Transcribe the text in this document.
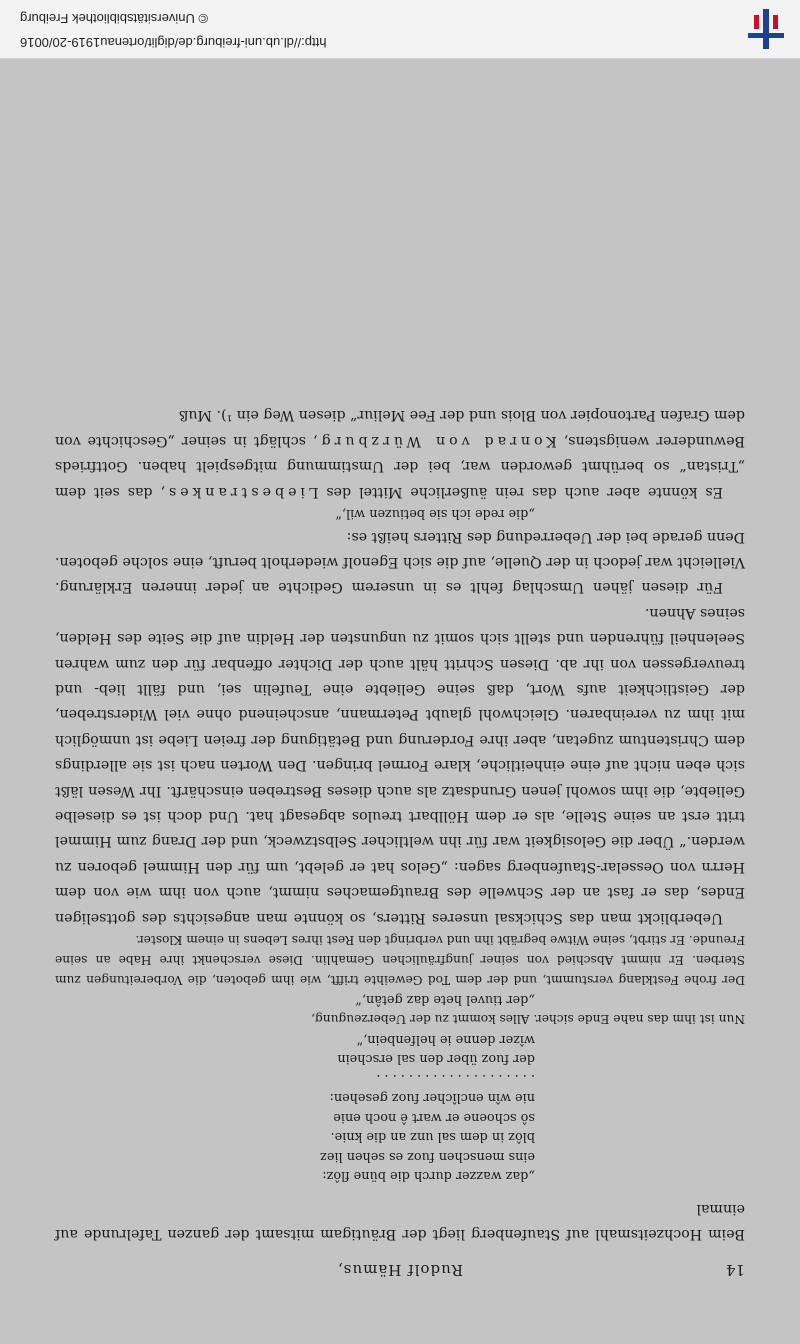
http://dl.ub.uni-freiburg.de/diglit/ortenau1919-20/0016
© Universitätsbibliothek Freiburg
14
Rudolf Hämus,

Beim Hochzeitsmahl auf Staufenberg liegt der Bräutigam mitsamt der ganzen Tafelrunde auf einmal

„daz wazzer durch die büne flôz:
eins menschen fuoz es sehen liez
blôz in dem sal unz an die knie.
sô schoene er wart ê noch enie
nie wîn enclîcher fuoz gesehen:
. . . . . . . . . . . . . . . . . . . .
der fuoz über den sal erschein
wîzer denne ie helfenbein,“

Nun ist ihm das nahe Ende sicher. Alles kommt zu der Ueberzeugung,

„der tiuvel hete daz getân,“

Der frohe Festklang verstummt, und der dem Tod Geweihte trifft, wie ihm geboten, die Vorbereitungen zum Sterben. Er nimmt Abschied von seiner jungfräulichen Gemahlin. Diese verschenkt ihre Habe an seine Freunde. Er stirbt, seine Witwe begräbt ihn und verbringt den Rest ihres Lebens in einem Kloster.

Ueberblickt man das Schicksal unseres Ritters, so könnte man angesichts des gottseligen Endes, das er fast an der Schwelle des Brautgemaches nimmt, auch von ihm wie von dem Herrn von Oesselar-Staufenberg sagen: „Gelos hat er gelebt, um für den Himmel geboren zu werden.“ Über die Gelosigkeit war für ihn weltlicher Selbstzweck, und der Drang zum Himmel tritt erst an seine Stelle, als er dem Höllbart treulos abgesagt hat. Und doch ist es dieselbe Geliebte, die ihm sowohl jenen Grundsatz als auch dieses Bestreben einschärft. Ihr Wesen läßt sich eben nicht auf eine einheitliche, klare Formel bringen. Den Worten nach ist sie allerdings dem Christentum zugetan, aber ihre Forderung und Betätigung der freien Liebe ist unmöglich mit ihm zu vereinbaren. Gleichwohl glaubt Petermann, anscheinend ohne viel Widerstreben, der Geistlichkeit aufs Wort, daß seine Geliebte eine Teufelin sei, und fällt lieb- und treuvergessen von ihr ab. Diesen Schritt hält auch der Dichter offenbar für den zum wahren Seelenheil führenden und stellt sich somit zu ungunsten der Heldin auf die Seite des Helden, seines Ahnen.

Für diesen jähen Umschlag fehlt es in unserem Gedichte an jeder inneren Erklärung. Vielleicht war jedoch in der Quelle, auf die sich Egenolf wiederholt beruft, eine solche geboten. Denn gerade bei der Ueberredung des Ritters heißt es:

„die rede ich sie betiuzen wil,“

Es könnte aber auch das rein äußerliche Mittel des Liebestrankes, das seit dem „Tristan“ so berühmt geworden war, bei der Umstimmung mitgespielt haben. Gottfrieds Bewunderer wenigstens, Konrad von Würzburg, schlägt in seiner „Geschichte von dem Grafen Partonopier von Blois und der Fee Meliur“ diesen Weg ein ¹). Muß
